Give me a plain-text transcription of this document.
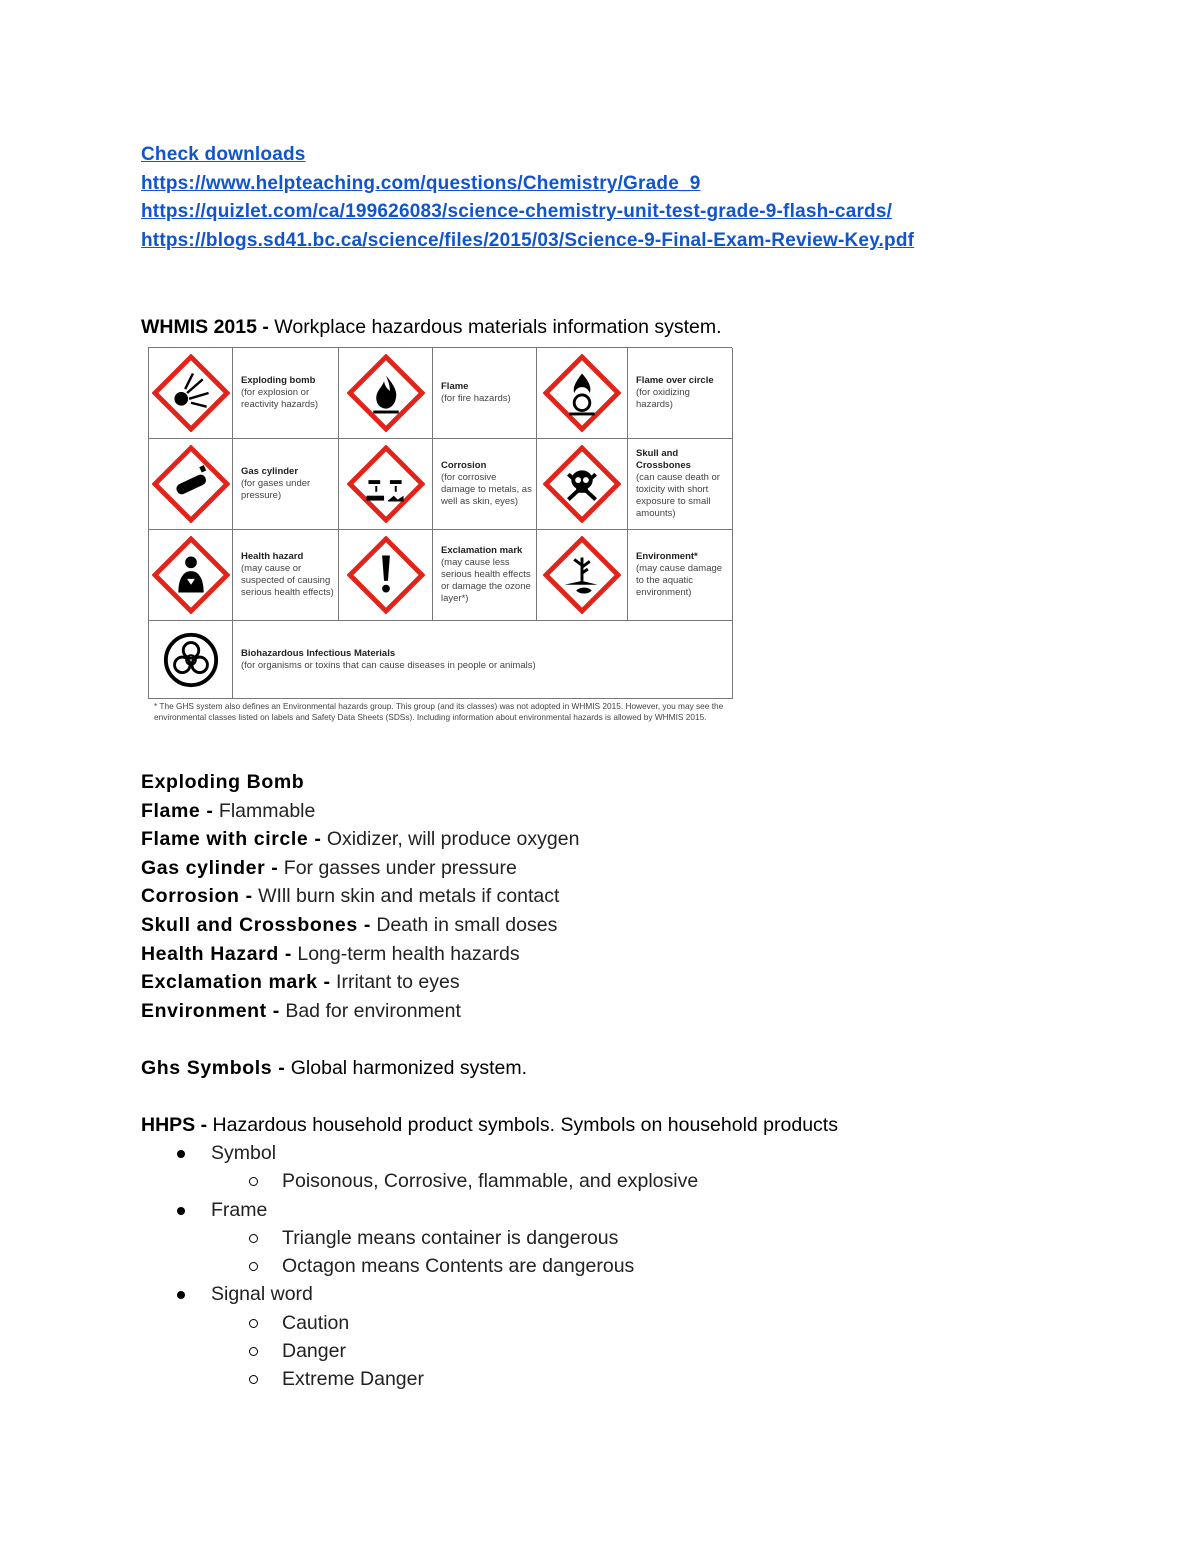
Check downloads
https://www.helpteaching.com/questions/Chemistry/Grade_9
https://quizlet.com/ca/199626083/science-chemistry-unit-test-grade-9-flash-cards/
https://blogs.sd41.bc.ca/science/files/2015/03/Science-9-Final-Exam-Review-Key.pdf
WHMIS 2015 - Workplace hazardous materials information system.
Exploding bomb
(for explosion or reactivity hazards)
Flame
(for fire hazards)
Flame over circle
(for oxidizing hazards)
Gas cylinder
(for gases under pressure)
Corrosion
(for corrosive damage to metals, as well as skin, eyes)
Skull and Crossbones
(can cause death or toxicity with short exposure to small amounts)
Health hazard
(may cause or suspected of causing serious health effects)
Exclamation mark
(may cause less serious health effects or damage the ozone layer*)
Environment*
(may cause damage to the aquatic environment)
Biohazardous Infectious Materials
(for organisms or toxins that can cause diseases in people or animals)
* The GHS system also defines an Environmental hazards group. This group (and its classes) was not adopted in WHMIS 2015. However, you may see the environmental classes listed on labels and Safety Data Sheets (SDSs). Including information about environmental hazards is allowed by WHMIS 2015.
Exploding Bomb
Flame - Flammable
Flame with circle - Oxidizer, will produce oxygen
Gas cylinder - For gasses under pressure
Corrosion - WIll burn skin and metals if contact
Skull and Crossbones - Death in small doses
Health Hazard - Long-term health hazards
Exclamation mark - Irritant to eyes
Environment - Bad for environment
Ghs Symbols - Global harmonized system.
HHPS - Hazardous household product symbols. Symbols on household products
Symbol
Poisonous, Corrosive, flammable, and explosive
Frame
Triangle means container is dangerous
Octagon means Contents are dangerous
Signal word
Caution
Danger
Extreme Danger
